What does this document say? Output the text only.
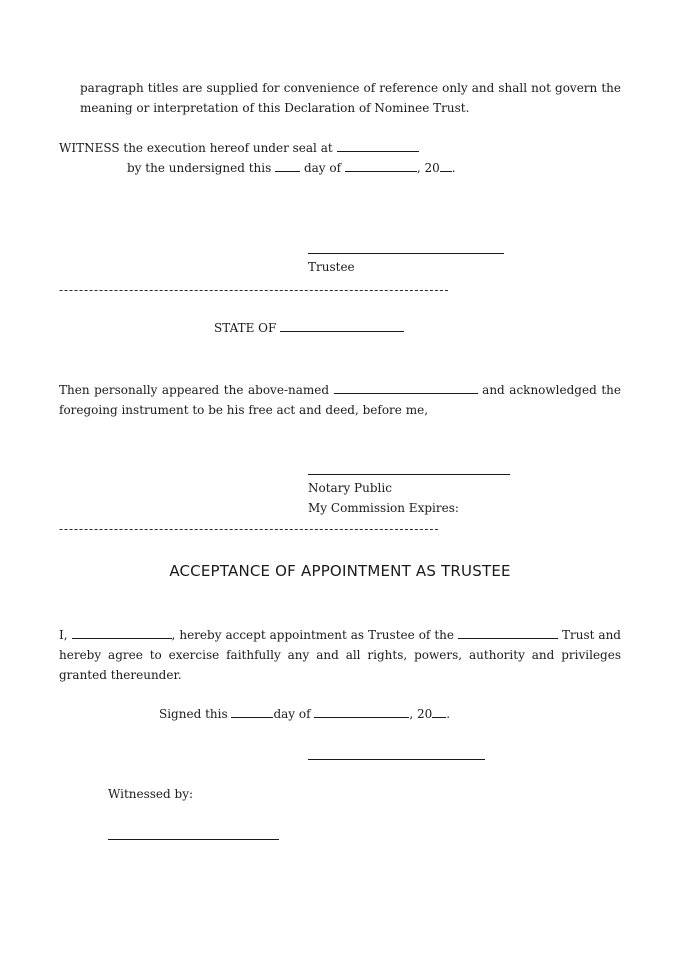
paragraph titles are supplied for convenience of reference only and shall not govern the meaning or interpretation of this Declaration of Nominee Trust.
WITNESS the execution hereof under seal at
by the undersigned this	day of	, 20 .
Trustee
------------------------------------------------------------------------------
STATE OF
Then personally appeared the above-named	and acknowledged the foregoing instrument to be his free act and deed, before me,
Notary Public
My Commission Expires:
----------------------------------------------------------------------------
ACCEPTANCE OF APPOINTMENT AS TRUSTEE
I,	, hereby accept appointment as Trustee of the	Trust and hereby agree to exercise faithfully any and all rights, powers, authority and privileges granted thereunder.
Signed this	day of	, 20 .
Witnessed by:
